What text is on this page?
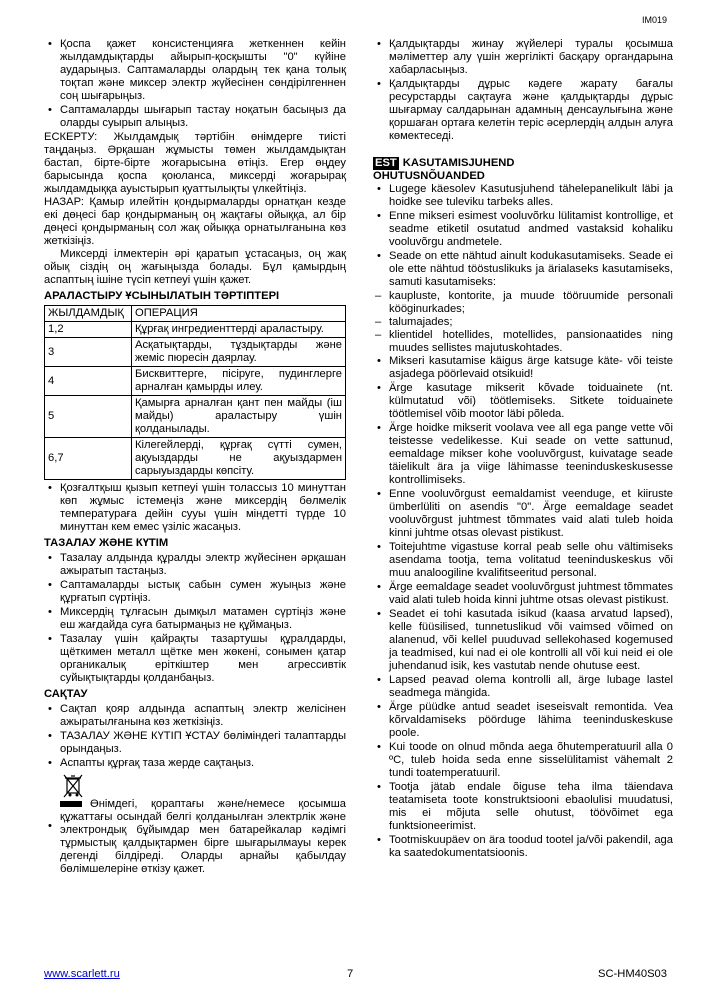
IM019

• Қоспа қажет консистенцияға жеткеннен кейін жылдамдықтарды айырып-қосқышты "0" күйіне аударыңыз. Саптамаларды олардың тек қана толық тоқтап және миксер электр жүйесінен сөндірілгеннен соң шығарыңыз.

• Саптамаларды шығарып тастау ноқатын басыңыз да оларды суырып алыңыз.

ЕСКЕРТУ: Жылдамдық тәртібін өнімдерге тиісті таңдаңыз. Әрқашан жұмысты төмен жылдамдықтан бастап, біртe-біртe жоғарысына өтіңіз. Егер өңдеу барысында қоспа қоюланса, миксерді жоғарырақ жылдамдыққа ауыстырып қуаттылықты үлкейтіңіз.

НАЗАР: Қамыр илейтін қондырмаларды орнатқан кезде екі дөңесі бар қондырманың оң жақтағы ойыққа, ал бір дөңесі қондырманың сол жақ ойыққа орнатылғанына көз жеткізіңіз.

Миксерді ілмектерін әрі қаратып ұстасаңыз, оң жақ ойық сіздің оң жағыңызда болады. Бұл қамырдың аспаптың ішіне түсіп кетпеуі үшін қажет.

АРАЛАСТЫРУ ҰСЫНЫЛАТЫН ТӘРТІПТЕРІ
ЖЫЛДАМДЫҚ	ОПЕРАЦИЯ
1,2	Құрғақ ингредиенттерді араластыру.
3	Асқатықтарды, тұздықтарды және жеміс пюресін даярлау.
4	Бисквиттерге, пісіруге, пудинглерге арналған қамырды илеу.
5	Қамырға арналған қант пен майды (іш майды) араластыру үшін қолданылады.
6,7	Кілегейлерді, құрғақ сүтті сумен, ақуыздарды не ақуыздармен сарыуыздарды көпсіту.

• Қозғалтқыш қызып кетпеуі үшін толассыз 10 минуттан көп жұмыс істемеңіз және миксердің бөлмелік температураға дейін сууы үшін міндетті түрде 10 минуттан кем емес үзіліс жасаңыз.

ТАЗАЛАУ ЖӘНЕ КҮТІМ

• Тазалау алдында құралды электр жүйесінен әрқашан ажыратып тастаңыз.

• Саптамаларды ыстық сабын сумен жуыңыз және құрғатып сүртіңіз.

• Миксердің тұлғасын дымқыл матамен сүртіңіз және еш жағдайда суға батырмаңыз не құймаңыз.

• Тазалау үшін қайрақты тазартушы құралдарды, щёткимен металл щётке мен жөкені, сонымен қатар органикалық еріткіштер мен агрессивтік суйықтықтарды қолданбаңыз.

САҚТАУ

• Сақтап қояр алдында аспаптың электр желісінен ажыратылғанына көз жеткізіңіз.

• ТАЗАЛАУ ЖӘНЕ КҮТІП ҰСТАУ бөліміндегі талаптарды орындаңыз.

• Аспапты құрғақ таза жерде сақтаңыз.

• Өнімдегі, қораптағы және/немесе қосымша құжаттағы осындай белгі қолданылған электрлік және электрондық бұйымдар мен батарейкалар кәдімгі тұрмыстық қалдықтармен бірге шығарылмауы керек дегенді білдіреді. Оларды арнайы қабылдау бөлімшелеріне өткізу қажет.

• Қалдықтарды жинау жүйелері туралы қосымша мәліметтер алу үшін жергілікті басқару органдарына хабарласыңыз.

• Қалдықтарды дұрыс кәдеге жарату бағалы ресурстарды сақтауға және қалдықтарды дұрыс шығармау салдарынан адамның денсаулығына және қоршаған ортаға келетін теріс әсерлердің алдын алуға көмектеседі.

EST KASUTAMISJUHEND
OHUTUSNÕUANDED

• Lugege käesolev Kasutusjuhend tähelepanelikult läbi ja hoidke see tuleviku tarbeks alles.

• Enne mikseri esimest vooluvõrku lülitamist kontrollige, et seadme etiketil osutatud andmed vastaksid kohaliku vooluvõrgu andmetele.

• Seade on ette nähtud ainult kodukasutamiseks. Seade ei ole ette nähtud tööstuslikuks ja ärialaseks kasutamiseks, samuti kasutamiseks:

– kaupluste, kontorite, ja muude tööruumide personali kööginurkades;

– talumajades;

– klientidel hotellides, motellides, pansionaatides ning muudes sellistes majutuskohtades.

• Mikseri kasutamise käigus ärge katsuge käte- või teiste asjadega pöörlevaid otsikuid!

• Ärge kasutage mikserit kõvade toiduainete (nt. külmutatud või) töötlemiseks. Sitkete toiduainete töötlemisel võib mootor läbi põleda.

• Ärge hoidke mikserit voolava vee all ega pange vette või teistesse vedelikesse. Kui seade on vette sattunud, eemaldage mikser kohe vooluvõrgust, kuivatage seade täielikult ära ja viige lähimasse teeninduskeskusesse kontrollimiseks.

• Enne vooluvõrgust eemaldamist veenduge, et kiiruste ümberlüliti on asendis "0". Ärge eemaldage seadet vooluvõrgust juhtmest tõmmates vaid alati tuleb hoida kinni juhtme otsas olevast pistikust.

• Toitejuhtme vigastuse korral peab selle ohu vältimiseks asendama tootja, tema volitatud teeninduskeskus või muu analoogiline kvalifitseeritud personal.

• Ärge eemaldage seadet vooluvõrgust juhtmest tõmmates vaid alati tuleb hoida kinni juhtme otsas olevast pistikust.

• Seadet ei tohi kasutada isikud (kaasa arvatud lapsed), kelle füüsilised, tunnetuslikud või vaimsed võimed on alanenud, või kellel puuduvad sellekohased kogemused ja teadmised, kui nad ei ole kontrolli all või kui neid ei ole juhendanud isik, kes vastutab nende ohutuse eest.

• Lapsed peavad olema kontrolli all, ärge lubage lastel seadmega mängida.

• Ärge püüdke antud seadet iseseisvalt remontida. Vea kõrvaldamiseks pöörduge lähima teeninduskeskuse poole.

• Kui toode on olnud mõnda aega õhutemperatuuril alla 0 ºC, tuleb hoida seda enne sisselülitamist vähemalt 2 tundi toatemperatuuril.

• Tootja jätab endale õiguse teha ilma täiendava teatamiseta toote konstruktsiooni ebaolulisi muudatusi, mis ei mõjuta selle ohutust, töövõimet ega funktsioneerimist.

• Tootmiskuupäev on ära toodud tootel ja/või pakendil, aga ka saatedokumentatsioonis.

www.scarlett.ru	7	SC-HM40S03
